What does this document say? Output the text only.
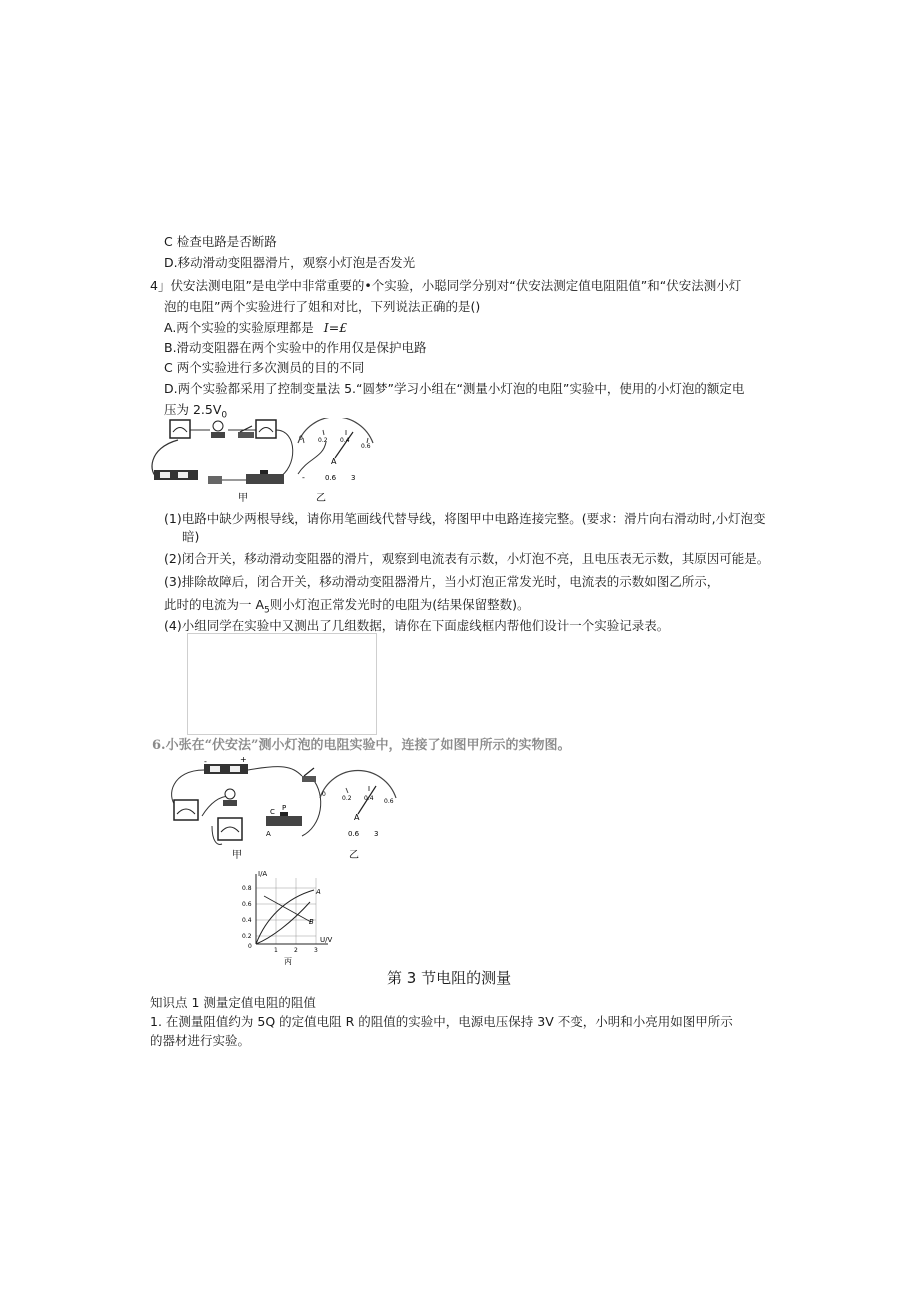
C 检查电路是否断路
D.移动滑动变阻器滑片，观察小灯泡是否发光
4」伏安法测电阻”是电学中非常重要的•个实验，小聪同学分别对“伏安法测定值电阻阻值”和“伏安法测小灯
泡的电阻”两个实验进行了姐和对比，下列说法正确的是()
A.两个实验的实验原理都是 I=£
B.滑动变阻器在两个实验中的作用仅是保护电路
C 两个实验进行多次测员的目的不同
D.两个实验都采用了控制变量法 5.“圆梦”学习小组在“测量小灯泡的电阻”实验中，使用的小灯泡的额定电
压为 $2.5V_0$
0	0.2 0.4
0.6
A
-	0.6 3
甲	乙
(1)电路中缺少两根导线，请你用笔画线代替导线，将图甲中电路连接完整。(要求：滑片向右滑动时,小灯泡变
暗)
(2)闭合开关，移动滑动变阻器的滑片，观察到电流表有示数，小灯泡不亮，且电压表无示数，其原因可能是。
(3)排除故障后，闭合开关，移动滑动变阻器滑片，当小灯泡正常发光时，电流表的示数如图乙所示，
此时的电流为一 $A_5$则小灯泡正常发光时的电阻为(结果保留整数)。
(4)小组同学在实验中又测出了几组数据，请你在下面虚线框内帮他们设计一个实验记录表。
6.小张在“伏安法”测小灯泡的电阻实验中，连接了如图甲所示的实物图。
-	+
P
C
A
0
0.2 0.4 0.6
A
0.6 3
甲	乙
I/A
U/V
0.8
0.6
0.4
0.2
0
1	2	3
A
B
丙
第 3 节电阻的测量
知识点 1 测量定值电阻的阻值
1. 在测量阻值约为 5Q 的定值电阻 R 的阻值的实验中，电源电压保持 3V 不变，小明和小亮用如图甲所示
的器材进行实验。
